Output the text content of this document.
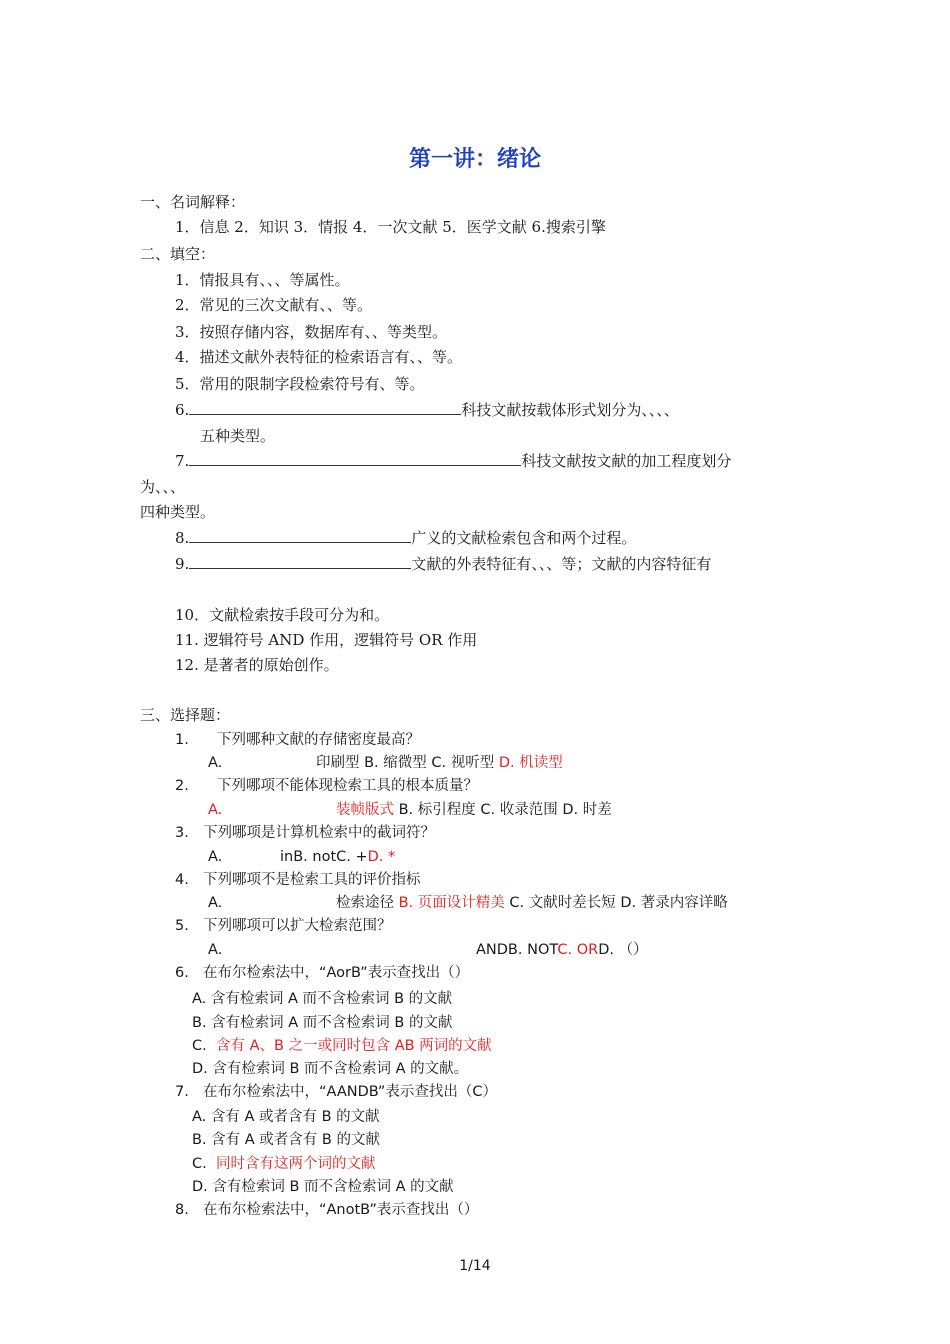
第一讲：绪论
一、名词解释：
1．信息 2．知识 3．情报 4．一次文献 5．医学文献 6.搜索引擎
二、填空：
1．情报具有、、、等属性。
2．常见的三次文献有、、等。
3．按照存储内容，数据库有、、等类型。
4．描述文献外表特征的检索语言有、、等。
5．常用的限制字段检索符号有、等。
6.	科技文献按载体形式划分为、、、、
五种类型。
7.	科技文献按文献的加工程度划分
为、、、
四种类型。
8.	广义的文献检索包含和两个过程。
9.	文献的外表特征有、、、等；文献的内容特征有
10．文献检索按手段可分为和。
11. 逻辑符号 AND 作用，逻辑符号 OR 作用
12. 是著者的原始创作。
三、选择题：
1. 下列哪种文献的存储密度最高？
A.	印刷型 B. 缩微型 C. 视听型 D. 机读型
2. 下列哪项不能体现检索工具的根本质量？
A.	装帧版式 B. 标引程度 C. 收录范围 D. 时差
3. 下列哪项是计算机检索中的截词符？
A.	inB. notC. +D. *
4. 下列哪项不是检索工具的评价指标
A.	检索途径 B. 页面设计精美 C. 文献时差长短 D. 著录内容详略
5. 下列哪项可以扩大检索范围？
A.	ANDB. NOTC. ORD. （）
6. 在布尔检索法中，“AorB”表示查找出（）
A. 含有检索词 A 而不含检索词 B 的文献
B. 含有检索词 A 而不含检索词 B 的文献
C. 含有 A、B 之一或同时包含 AB 两词的文献
D. 含有检索词 B 而不含检索词 A 的文献。
7. 在布尔检索法中，“AANDB”表示查找出（C）
A. 含有 A 或者含有 B 的文献
B. 含有 A 或者含有 B 的文献
C. 同时含有这两个词的文献
D. 含有检索词 B 而不含检索词 A 的文献
8. 在布尔检索法中，“AnotB”表示查找出（）
1/14
